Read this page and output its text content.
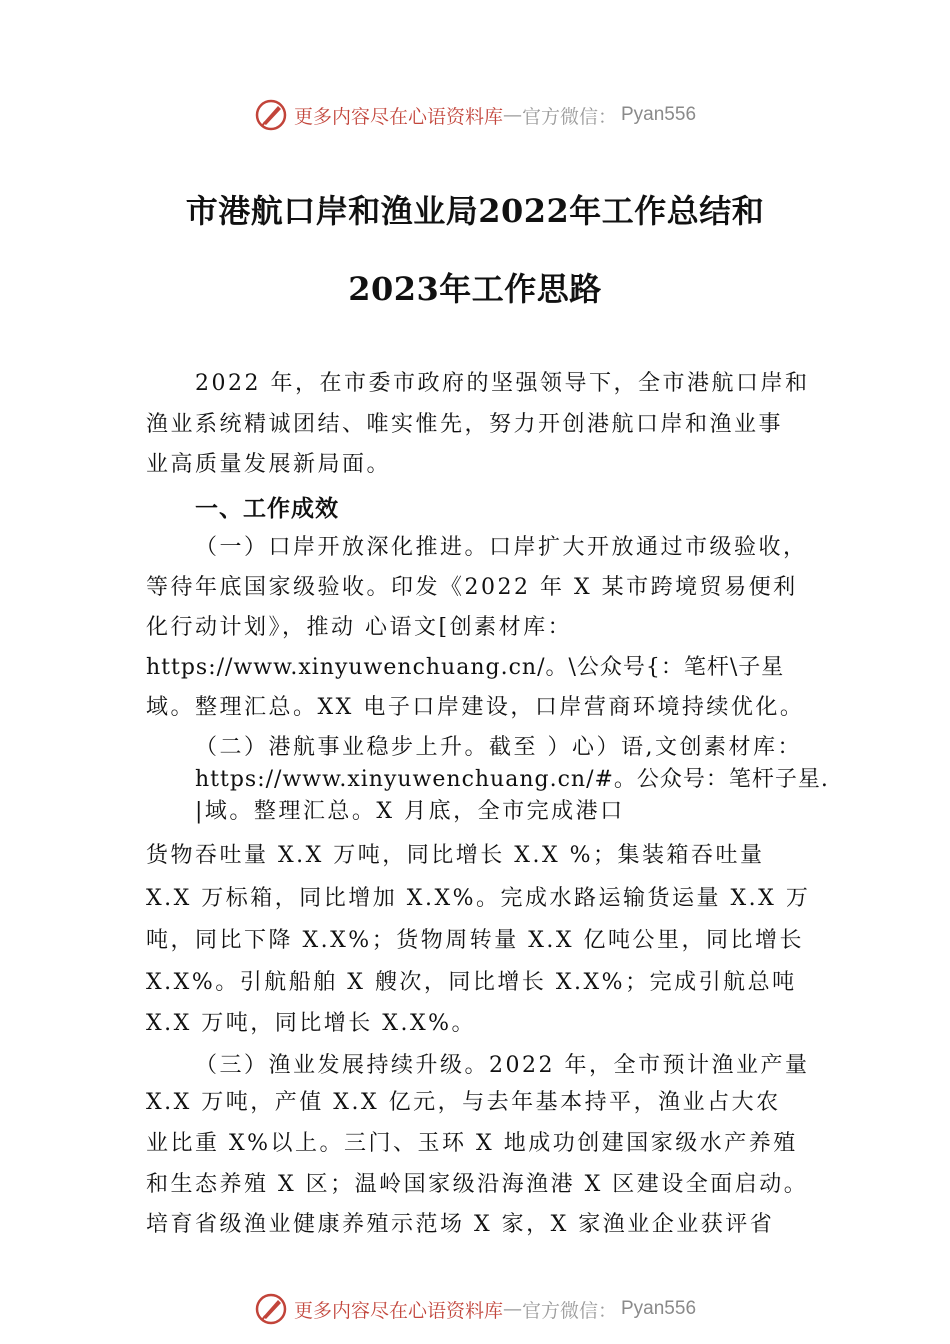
更多内容尽在心语资料库 — 官方微信： Pyan556
市港航口岸和渔业局2022年工作总结和
2023年工作思路
2022 年，在市委市政府的坚强领导下，全市港航口岸和
渔业系统精诚团结、唯实惟先，努力开创港航口岸和渔业事
业高质量发展新局面。
一、工作成效
（一）口岸开放深化推进。口岸扩大开放通过市级验收，
等待年底国家级验收。印发《2022 年 X 某市跨境贸易便利
化行动计划》，推动 心语文[创素材库：
https://www.xinyuwenchuang.cn/。\公众号{：笔杆\子星
域。整理汇总。XX 电子口岸建设，口岸营商环境持续优化。
（二）港航事业稳步上升。截至 ）心）语,文创素材库：
https://www.xinyuwenchuang.cn/#。公众号：笔杆子星.
|域。整理汇总。X 月底，全市完成港口
货物吞吐量 X.X 万吨，同比增长 X.X %；集装箱吞吐量
X.X 万标箱，同比增加 X.X%。完成水路运输货运量 X.X 万
吨，同比下降 X.X%；货物周转量 X.X 亿吨公里，同比增长
X.X%。引航船舶 X 艘次，同比增长 X.X%；完成引航总吨
X.X 万吨，同比增长 X.X%。
（三）渔业发展持续升级。2022 年，全市预计渔业产量
X.X 万吨，产值 X.X 亿元，与去年基本持平，渔业占大农
业比重 X%以上。三门、玉环 X 地成功创建国家级水产养殖
和生态养殖 X 区；温岭国家级沿海渔港 X 区建设全面启动。
培育省级渔业健康养殖示范场 X 家，X 家渔业企业获评省
更多内容尽在心语资料库 — 官方微信： Pyan556
